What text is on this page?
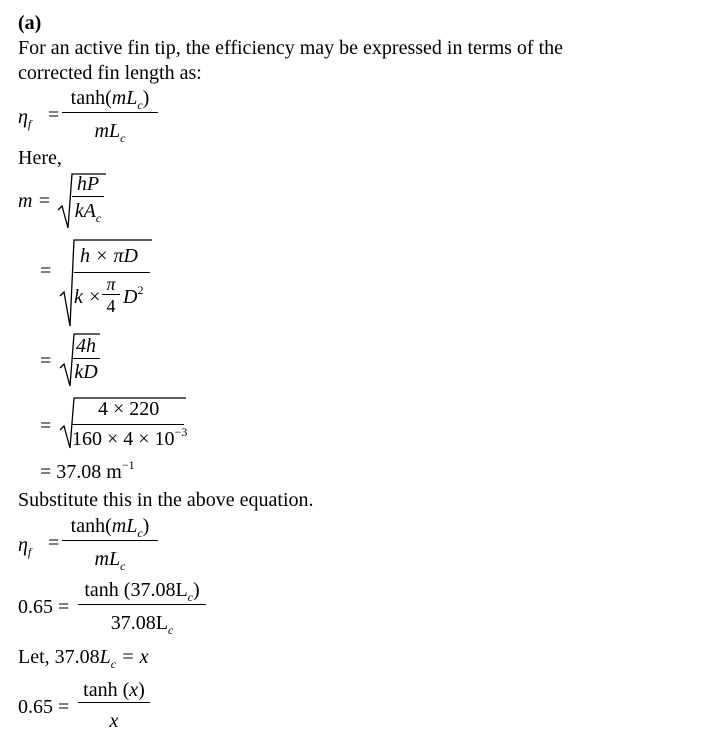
(a)
For an active fin tip, the efficiency may be expressed in terms of the
corrected fin length as:
$\eta_f$ =
$\tanh(mL_c)$
$mL_c$
Here,
m =
hP
$kA_c$
=
h × πD
$k \times \frac{\pi}{4} D^2$
= $\frac{4h}{kD}$
=
4 × 220
$160 \times 4 \times 10^{-3}$
= 37.08 $m^{-1}$
Substitute this in the above equation.
$\eta_f$ =
$\tanh(mL_c)$
$mL_c$
$0.65 = \frac{\tanh (37.08L_c)}{37.08L_c}$
Let, $37.08L_c = x$
$0.65 = \frac{\tanh (x)}{x}$
